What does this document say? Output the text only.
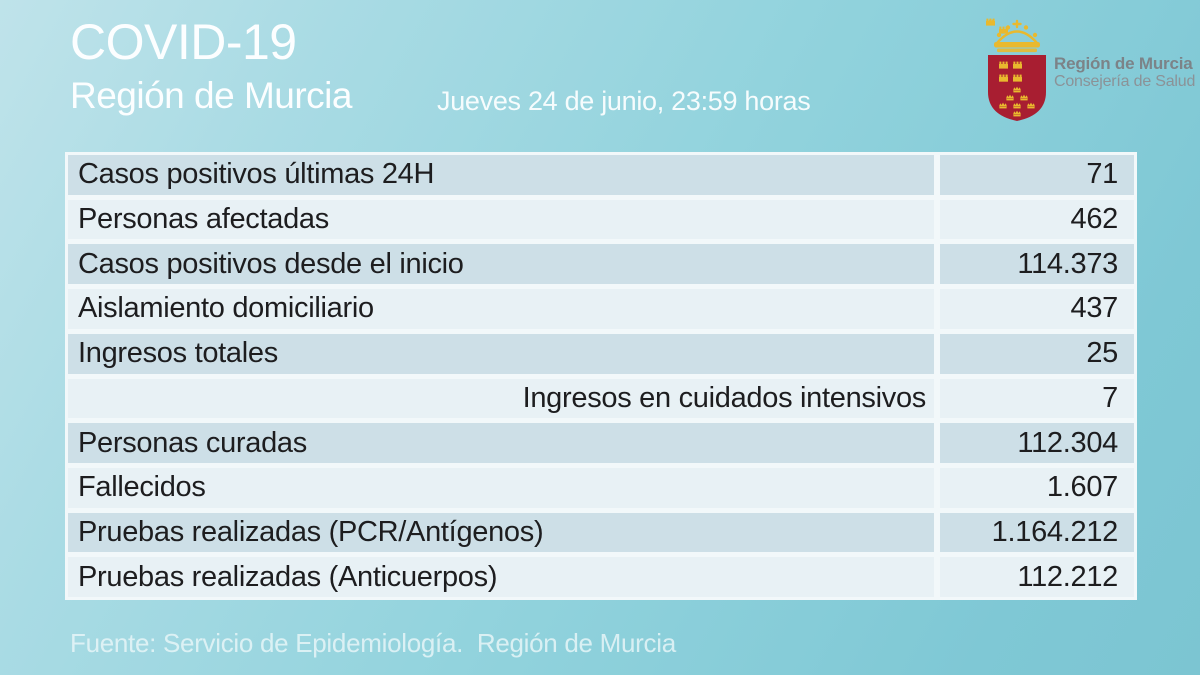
COVID-19
Región de Murcia	Jueves 24 de junio, 23:59 horas
Región de Murcia
Consejería de Salud
Casos positivos últimas 24H	71
Personas afectadas	462
Casos positivos desde el inicio	114.373
Aislamiento domiciliario	437
Ingresos totales	25
Ingresos en cuidados intensivos	7
Personas curadas	112.304
Fallecidos	1.607
Pruebas realizadas (PCR/Antígenos)	1.164.212
Pruebas realizadas (Anticuerpos)	112.212
Fuente: Servicio de Epidemiología.  Región de Murcia
